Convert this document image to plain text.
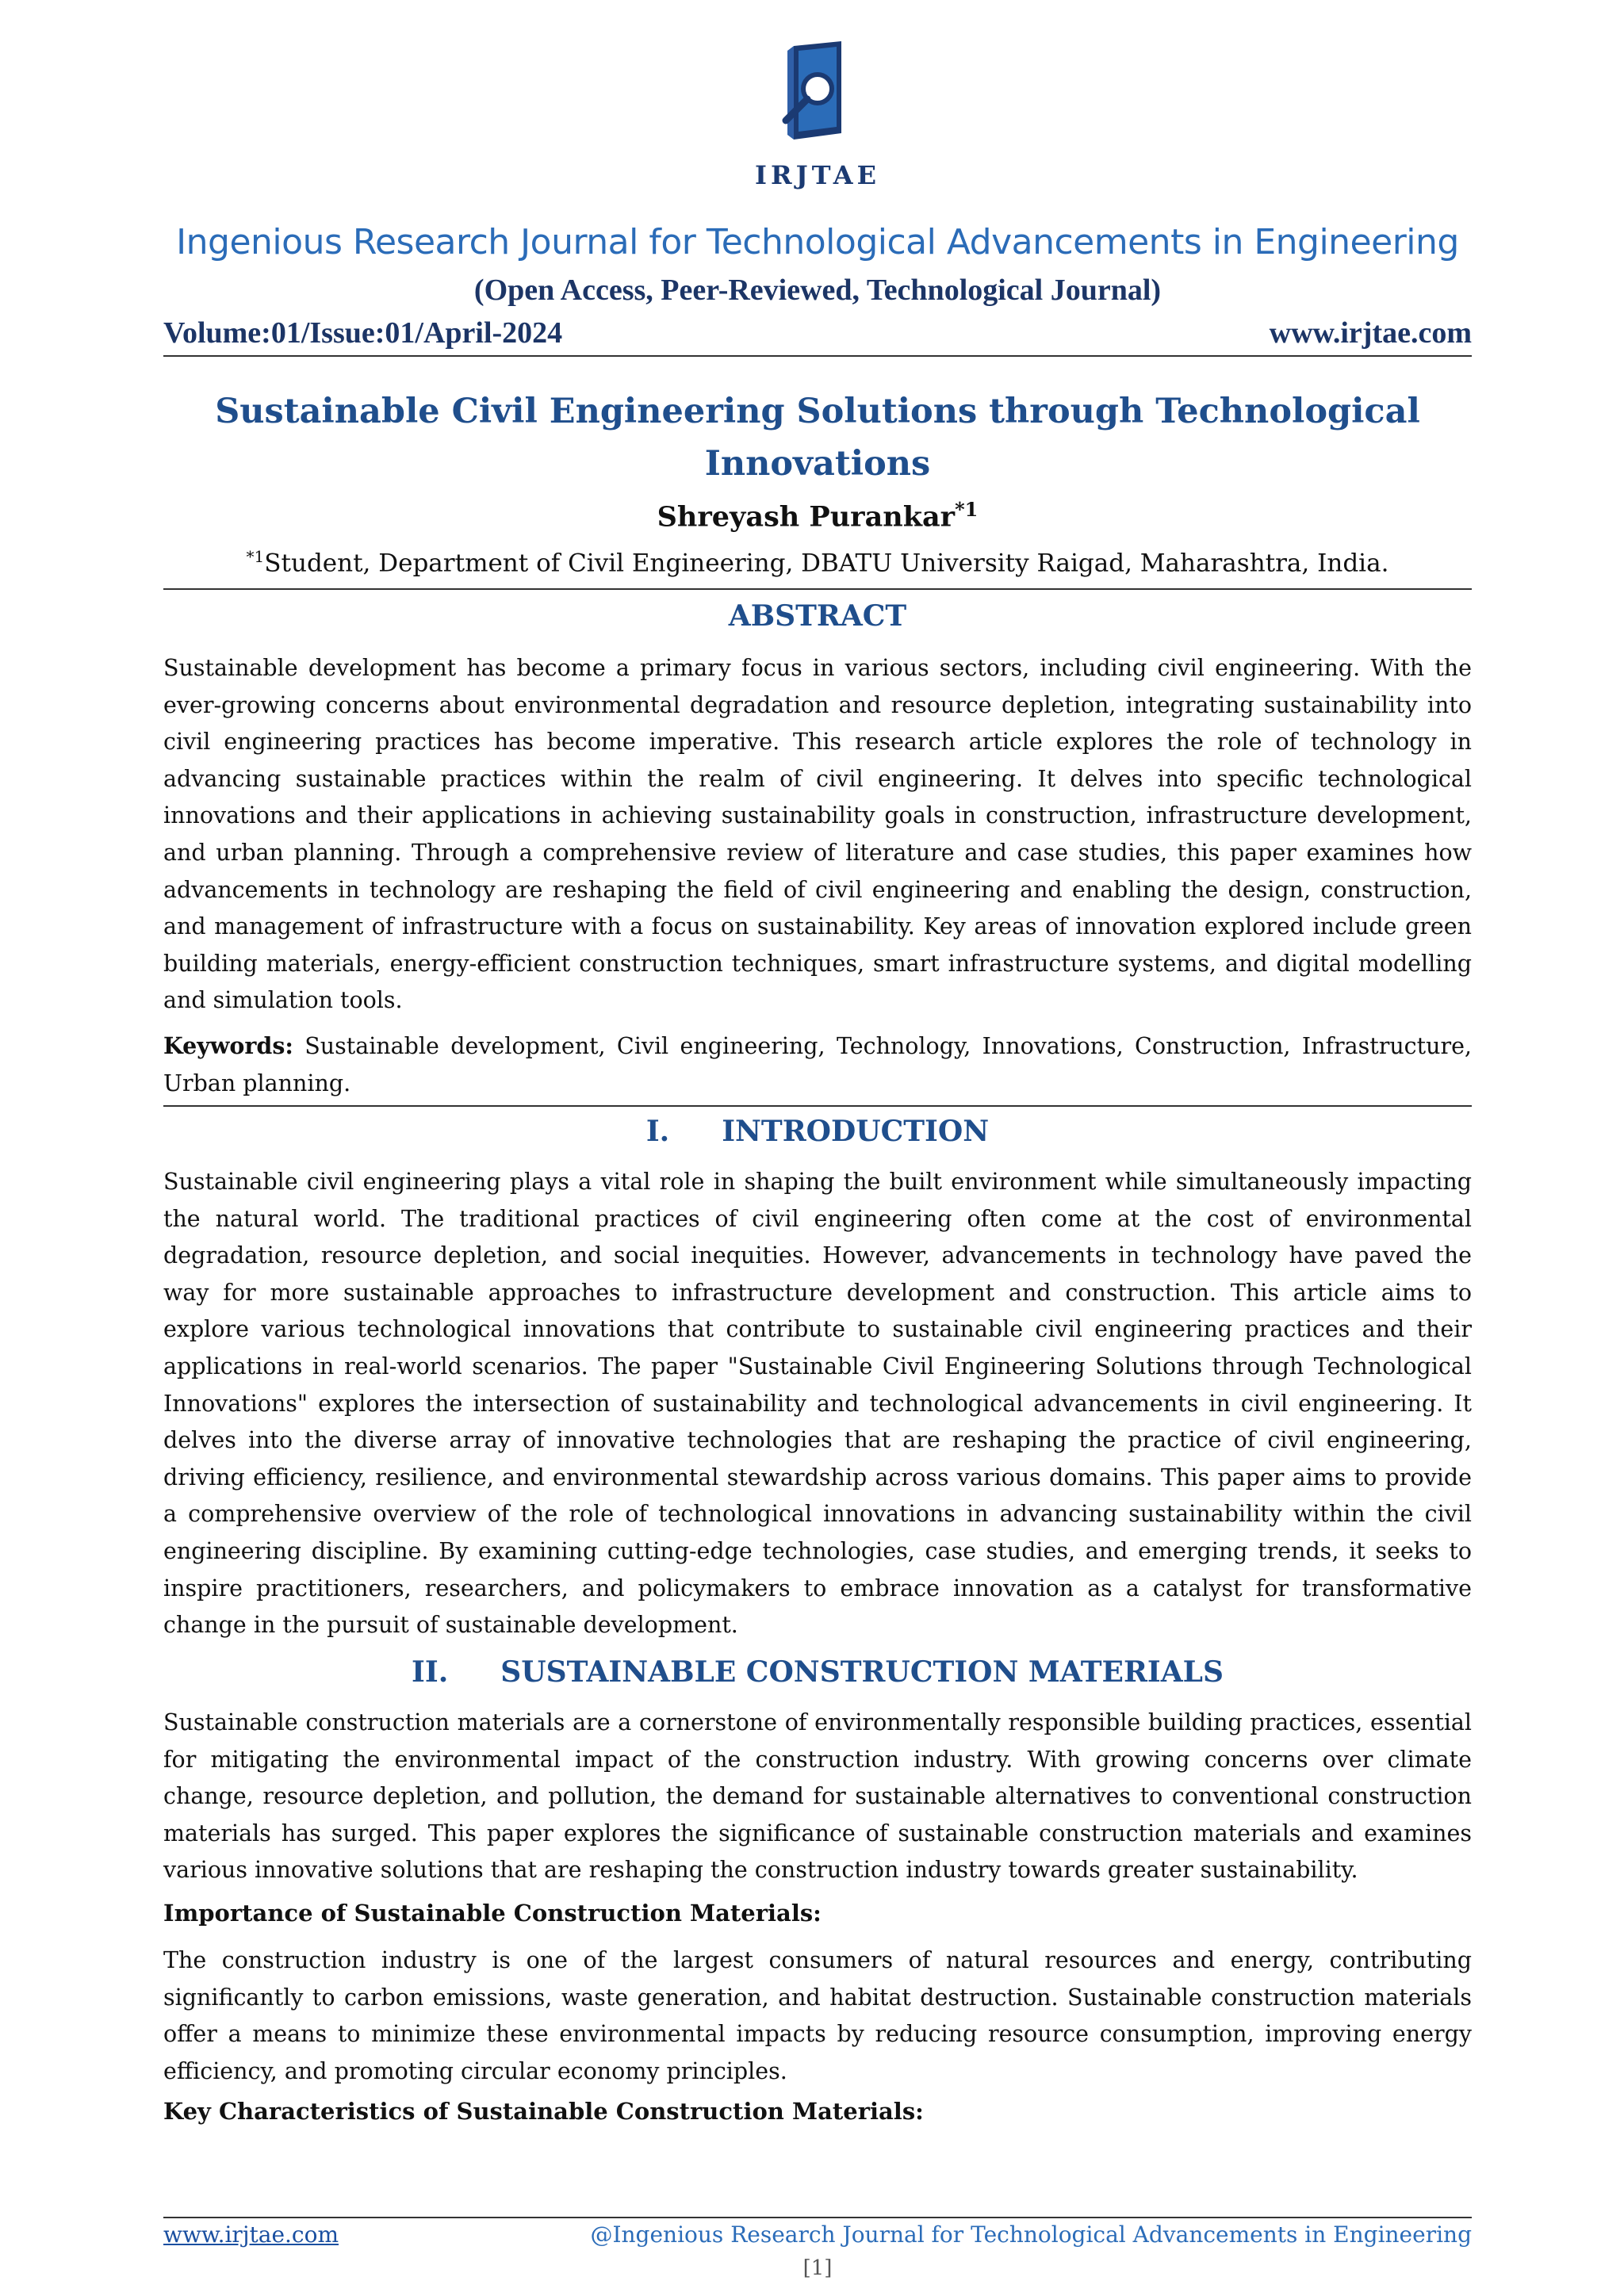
IRJTAE
Ingenious Research Journal for Technological Advancements in Engineering
(Open Access, Peer-Reviewed, Technological Journal)
Volume:01/Issue:01/April-2024	www.irjtae.com
Sustainable Civil Engineering Solutions through Technological
Innovations
Shreyash Purankar$^{*1}$
$^{*1}$Student, Department of Civil Engineering, DBATU University Raigad, Maharashtra, India.
ABSTRACT
Sustainable development has become a primary focus in various sectors, including civil engineering. With the ever-growing concerns about environmental degradation and resource depletion, integrating sustainability into civil engineering practices has become imperative. This research article explores the role of technology in advancing sustainable practices within the realm of civil engineering. It delves into specific technological innovations and their applications in achieving sustainability goals in construction, infrastructure development, and urban planning. Through a comprehensive review of literature and case studies, this paper examines how advancements in technology are reshaping the field of civil engineering and enabling the design, construction, and management of infrastructure with a focus on sustainability. Key areas of innovation explored include green building materials, energy-efficient construction techniques, smart infrastructure systems, and digital modelling and simulation tools.
Keywords: Sustainable development, Civil engineering, Technology, Innovations, Construction, Infrastructure, Urban planning.
I. INTRODUCTION
Sustainable civil engineering plays a vital role in shaping the built environment while simultaneously impacting the natural world. The traditional practices of civil engineering often come at the cost of environmental degradation, resource depletion, and social inequities. However, advancements in technology have paved the way for more sustainable approaches to infrastructure development and construction. This article aims to explore various technological innovations that contribute to sustainable civil engineering practices and their applications in real-world scenarios. The paper "Sustainable Civil Engineering Solutions through Technological Innovations" explores the intersection of sustainability and technological advancements in civil engineering. It delves into the diverse array of innovative technologies that are reshaping the practice of civil engineering, driving efficiency, resilience, and environmental stewardship across various domains. This paper aims to provide a comprehensive overview of the role of technological innovations in advancing sustainability within the civil engineering discipline. By examining cutting-edge technologies, case studies, and emerging trends, it seeks to inspire practitioners, researchers, and policymakers to embrace innovation as a catalyst for transformative change in the pursuit of sustainable development.
II. SUSTAINABLE CONSTRUCTION MATERIALS
Sustainable construction materials are a cornerstone of environmentally responsible building practices, essential for mitigating the environmental impact of the construction industry. With growing concerns over climate change, resource depletion, and pollution, the demand for sustainable alternatives to conventional construction materials has surged. This paper explores the significance of sustainable construction materials and examines various innovative solutions that are reshaping the construction industry towards greater sustainability.
Importance of Sustainable Construction Materials:
The construction industry is one of the largest consumers of natural resources and energy, contributing significantly to carbon emissions, waste generation, and habitat destruction. Sustainable construction materials offer a means to minimize these environmental impacts by reducing resource consumption, improving energy efficiency, and promoting circular economy principles.
Key Characteristics of Sustainable Construction Materials:
www.irjtae.com	@Ingenious Research Journal for Technological Advancements in Engineering
[1]
